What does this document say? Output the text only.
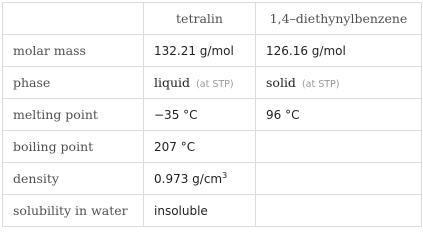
	tetralin	1,4–diethynylbenzene
molar mass	132.21 g/mol	126.16 g/mol
phase	liquid (at STP)	solid (at STP)
melting point	−35 °C	96 °C
boiling point	207 °C	
density	0.973 $g/cm^3$	
solubility in water	insoluble	
